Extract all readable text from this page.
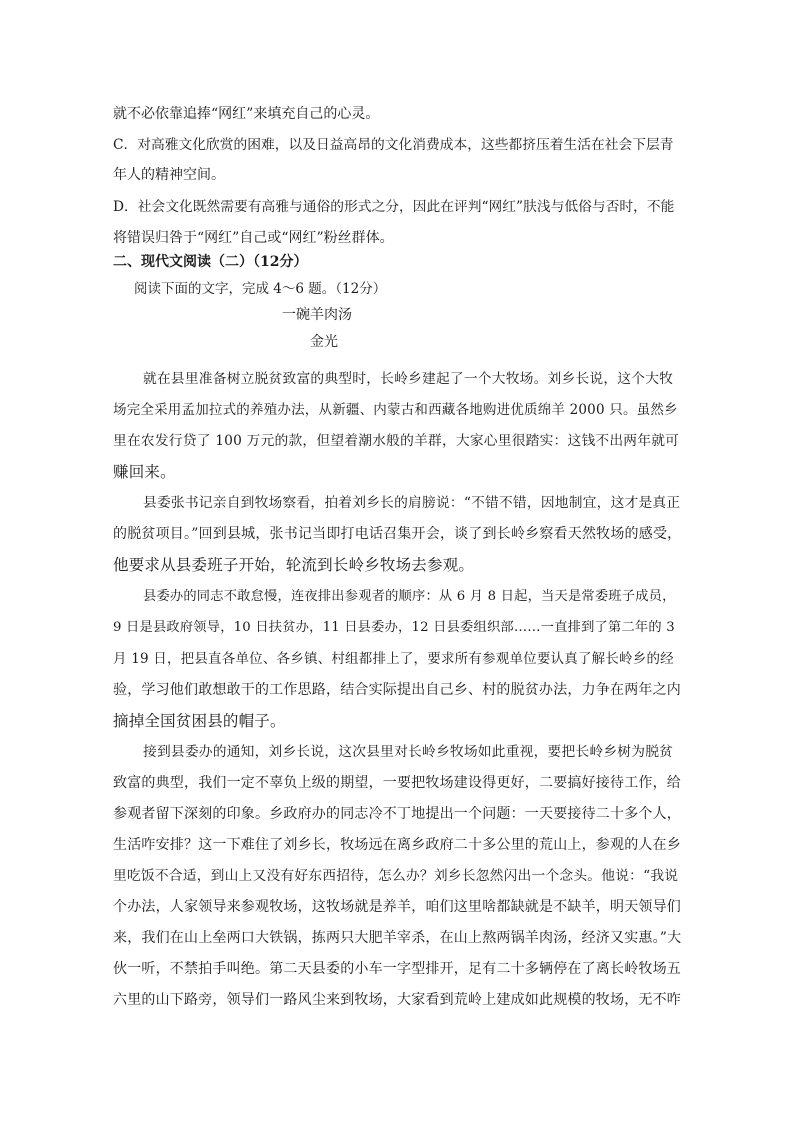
就不必依靠追捧“网红”来填充自己的心灵。
C．对高雅文化欣赏的困难，以及日益高昂的文化消费成本，这些都挤压着生活在社会下层青
年人的精神空间。
D．社会文化既然需要有高雅与通俗的形式之分，因此在评判“网红”肤浅与低俗与否时，不能
将错误归咎于“网红”自己或“网红”粉丝群体。
二、现代文阅读（二）（12分）
阅读下面的文字，完成 4～6 题。（12分）
一碗羊肉汤
金光
就在县里准备树立脱贫致富的典型时，长岭乡建起了一个大牧场。刘乡长说，这个大牧
场完全采用孟加拉式的养殖办法，从新疆、内蒙古和西藏各地购进优质绵羊 2000 只。虽然乡
里在农发行贷了 100 万元的款，但望着潮水般的羊群，大家心里很踏实：这钱不出两年就可
赚回来。
县委张书记亲自到牧场察看，拍着刘乡长的肩膀说：“不错不错，因地制宜，这才是真正
的脱贫项目。”回到县城，张书记当即打电话召集开会，谈了到长岭乡察看天然牧场的感受，
他要求从县委班子开始，轮流到长岭乡牧场去参观。
县委办的同志不敢怠慢，连夜排出参观者的顺序：从 6 月 8 日起，当天是常委班子成员，
9 日是县政府领导，10 日扶贫办，11 日县委办，12 日县委组织部……一直排到了第二年的 3
月 19 日，把县直各单位、各乡镇、村组都排上了，要求所有参观单位要认真了解长岭乡的经
验，学习他们敢想敢干的工作思路，结合实际提出自己乡、村的脱贫办法，力争在两年之内
摘掉全国贫困县的帽子。
接到县委办的通知，刘乡长说，这次县里对长岭乡牧场如此重视，要把长岭乡树为脱贫
致富的典型，我们一定不辜负上级的期望，一要把牧场建设得更好，二要搞好接待工作，给
参观者留下深刻的印象。乡政府办的同志冷不丁地提出一个问题：一天要接待二十多个人，
生活咋安排？这一下难住了刘乡长，牧场远在离乡政府二十多公里的荒山上，参观的人在乡
里吃饭不合适，到山上又没有好东西招待，怎么办？刘乡长忽然闪出一个念头。他说：“我说
个办法，人家领导来参观牧场，这牧场就是养羊，咱们这里啥都缺就是不缺羊，明天领导们
来，我们在山上垒两口大铁锅，拣两只大肥羊宰杀，在山上熬两锅羊肉汤，经济又实惠。”大
伙一听，不禁拍手叫绝。第二天县委的小车一字型排开，足有二十多辆停在了离长岭牧场五
六里的山下路旁，领导们一路风尘来到牧场，大家看到荒岭上建成如此规模的牧场，无不咋
